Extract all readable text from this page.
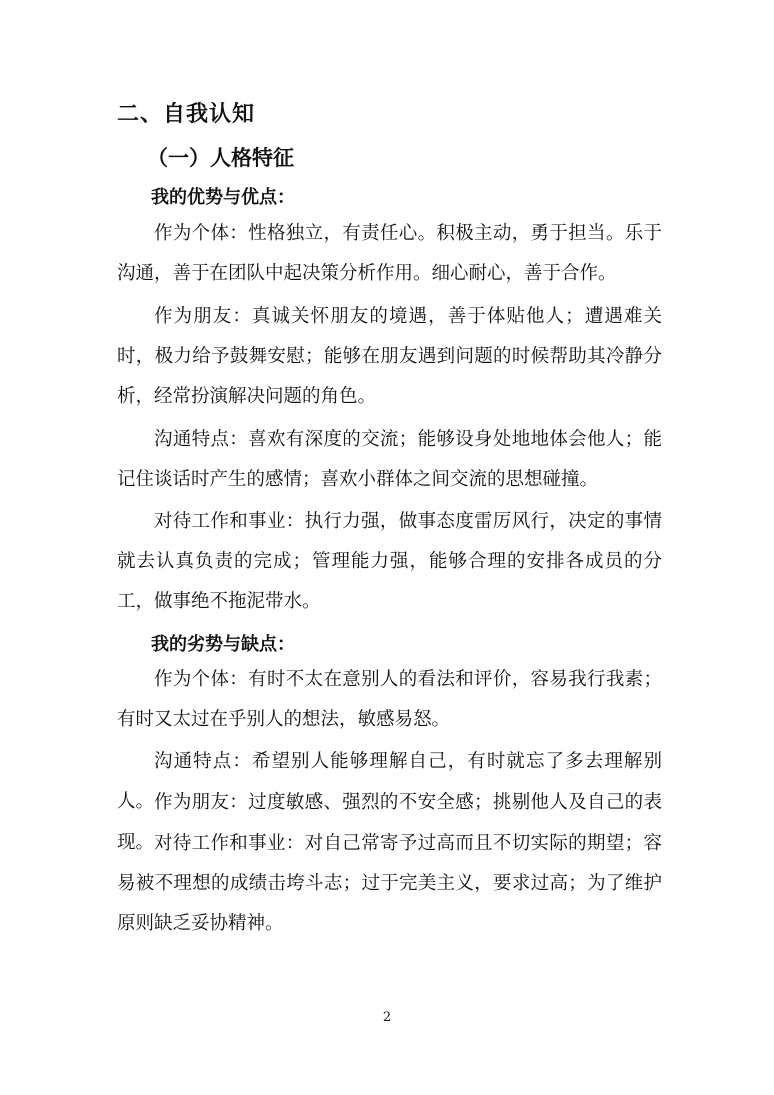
二、自我认知
（一）人格特征

我的优势与优点：

作为个体：性格独立，有责任心。积极主动，勇于担当。乐于沟通，善于在团队中起决策分析作用。细心耐心，善于合作。

作为朋友：真诚关怀朋友的境遇，善于体贴他人；遭遇难关时，极力给予鼓舞安慰；能够在朋友遇到问题的时候帮助其冷静分析，经常扮演解决问题的角色。

沟通特点：喜欢有深度的交流；能够设身处地地体会他人；能记住谈话时产生的感情；喜欢小群体之间交流的思想碰撞。

对待工作和事业：执行力强，做事态度雷厉风行，决定的事情就去认真负责的完成；管理能力强，能够合理的安排各成员的分工，做事绝不拖泥带水。

我的劣势与缺点：

作为个体：有时不太在意别人的看法和评价，容易我行我素；有时又太过在乎别人的想法，敏感易怒。

沟通特点：希望别人能够理解自己，有时就忘了多去理解别人。 作为朋友：过度敏感、强烈的不安全感；挑剔他人及自己的表现。 对待工作和事业：对自己常寄予过高而且不切实际的期望；容易被不理想的成绩击垮斗志；过于完美主义，要求过高；为了维护原则缺乏妥协精神。

2
